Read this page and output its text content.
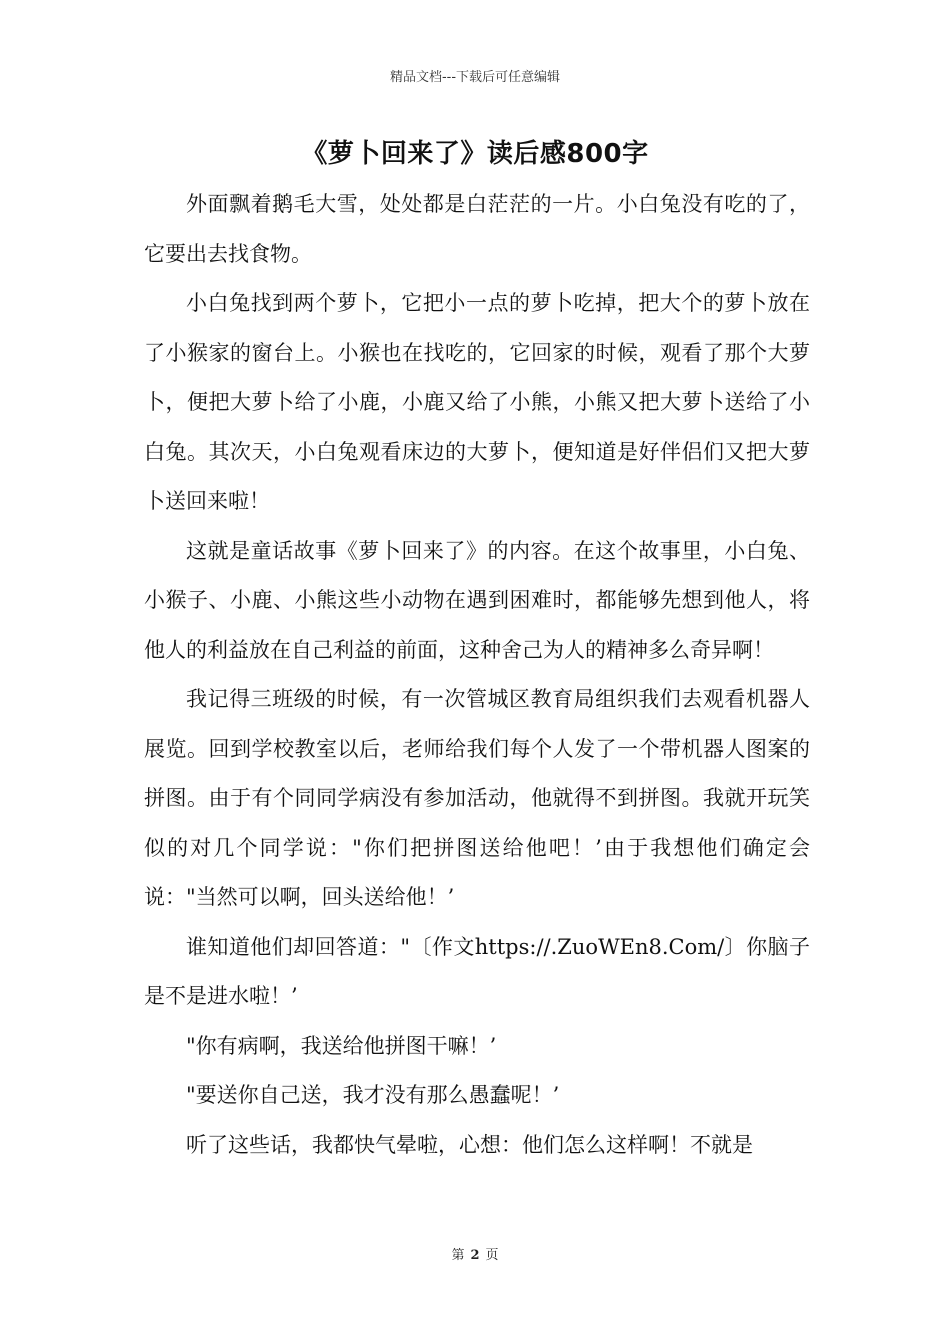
精品文档---下载后可任意编辑
《萝卜回来了》读后感800字

外面飘着鹅毛大雪，处处都是白茫茫的一片。小白兔没有吃的了，它要出去找食物。

小白兔找到两个萝卜，它把小一点的萝卜吃掉，把大个的萝卜放在了小猴家的窗台上。小猴也在找吃的，它回家的时候，观看了那个大萝卜，便把大萝卜给了小鹿，小鹿又给了小熊，小熊又把大萝卜送给了小白兔。其次天，小白兔观看床边的大萝卜，便知道是好伴侣们又把大萝卜送回来啦！

这就是童话故事《萝卜回来了》的内容。在这个故事里，小白兔、小猴子、小鹿、小熊这些小动物在遇到困难时，都能够先想到他人，将他人的利益放在自己利益的前面，这种舍己为人的精神多么奇异啊！

我记得三班级的时候，有一次管城区教育局组织我们去观看机器人展览。回到学校教室以后，老师给我们每个人发了一个带机器人图案的拼图。由于有个同同学病没有参加活动，他就得不到拼图。我就开玩笑似的对几个同学说："你们把拼图送给他吧！’由于我想他们确定会说："当然可以啊，回头送给他！’

谁知道他们却回答道："〔作文https://.ZuoWEn8.Com/〕你脑子是不是进水啦！’

"你有病啊，我送给他拼图干嘛！’

"要送你自己送，我才没有那么愚蠢呢！’

听了这些话，我都快气晕啦，心想：他们怎么这样啊！不就是

第 2 页
